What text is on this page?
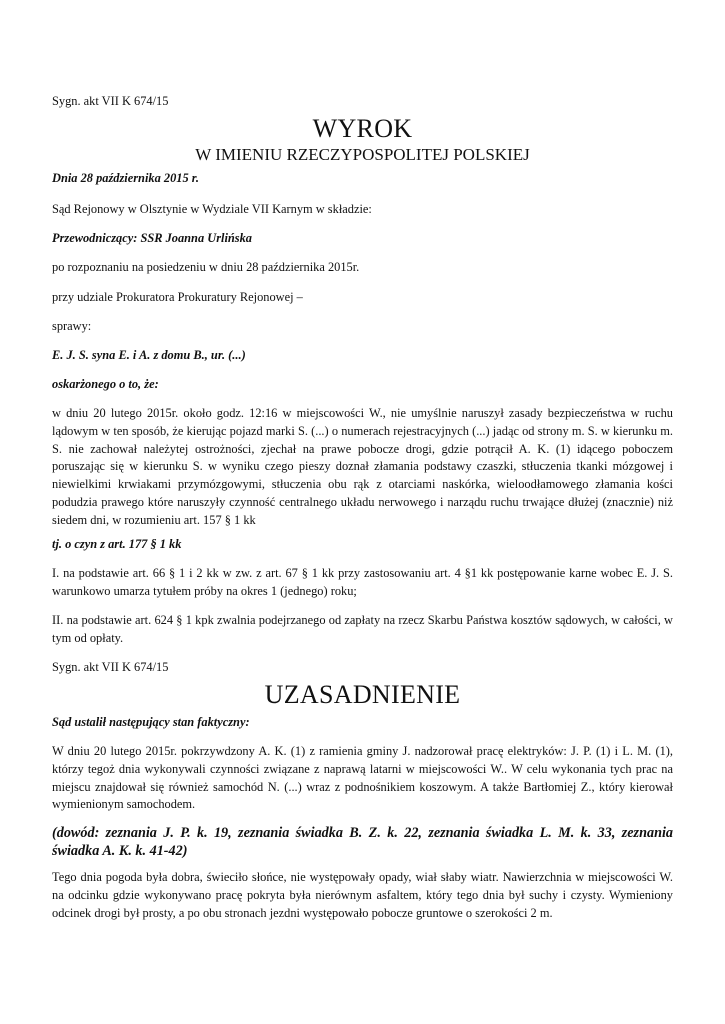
Sygn. akt VII K 674/15

WYROK

W IMIENIU RZECZYPOSPOLITEJ POLSKIEJ

Dnia 28 października 2015 r.

Sąd Rejonowy w Olsztynie w Wydziale VII Karnym w składzie:

Przewodniczący: SSR Joanna Urlińska

po rozpoznaniu na posiedzeniu w dniu 28 października 2015r.

przy udziale Prokuratora Prokuratury Rejonowej –

sprawy:

E. J. S. syna E. i A. z domu B., ur. (...)

oskarżonego o to, że:

w dniu 20 lutego 2015r. około godz. 12:16 w miejscowości W., nie umyślnie naruszył zasady bezpieczeństwa w ruchu lądowym w ten sposób, że kierując pojazd marki S. (...) o numerach rejestracyjnych (...) jadąc od strony m. S. w kierunku m. S. nie zachował należytej ostrożności, zjechał na prawe pobocze drogi, gdzie potrącił A. K. (1) idącego poboczem poruszając się w kierunku S. w wyniku czego pieszy doznał złamania podstawy czaszki, stłuczenia tkanki mózgowej i niewielkimi krwiakami przymózgowymi, stłuczenia obu rąk z otarciami naskórka, wieloodłamowego złamania kości podudzia prawego które naruszyły czynność centralnego układu nerwowego i narządu ruchu trwające dłużej (znacznie) niż siedem dni, w rozumieniu art. 157 § 1 kk

tj. o czyn z art. 177 § 1 kk

I. na podstawie art. 66 § 1 i 2 kk w zw. z art. 67 § 1 kk przy zastosowaniu art. 4 §1 kk postępowanie karne wobec E. J. S. warunkowo umarza tytułem próby na okres 1 (jednego) roku;

II. na podstawie art. 624 § 1 kpk zwalnia podejrzanego od zapłaty na rzecz Skarbu Państwa kosztów sądowych, w całości, w tym od opłaty.

Sygn. akt VII K 674/15

UZASADNIENIE

Sąd ustalił następujący stan faktyczny:

W dniu 20 lutego 2015r. pokrzywdzony A. K. (1) z ramienia gminy J. nadzorował pracę elektryków: J. P. (1) i L. M. (1), którzy tegoż dnia wykonywali czynności związane z naprawą latarni w miejscowości W.. W celu wykonania tych prac na miejscu znajdował się również samochód N. (...) wraz z podnośnikiem koszowym. A także Bartłomiej Z., który kierował wymienionym samochodem.

(dowód: zeznania J. P. k. 19, zeznania świadka B. Z. k. 22, zeznania świadka L. M. k. 33, zeznania świadka A. K. k. 41-42)

Tego dnia pogoda była dobra, świeciło słońce, nie występowały opady, wiał słaby wiatr. Nawierzchnia w miejscowości W. na odcinku gdzie wykonywano pracę pokryta była nierównym asfaltem, który tego dnia był suchy i czysty. Wymieniony odcinek drogi był prosty, a po obu stronach jezdni występowało pobocze gruntowe o szerokości 2 m.
